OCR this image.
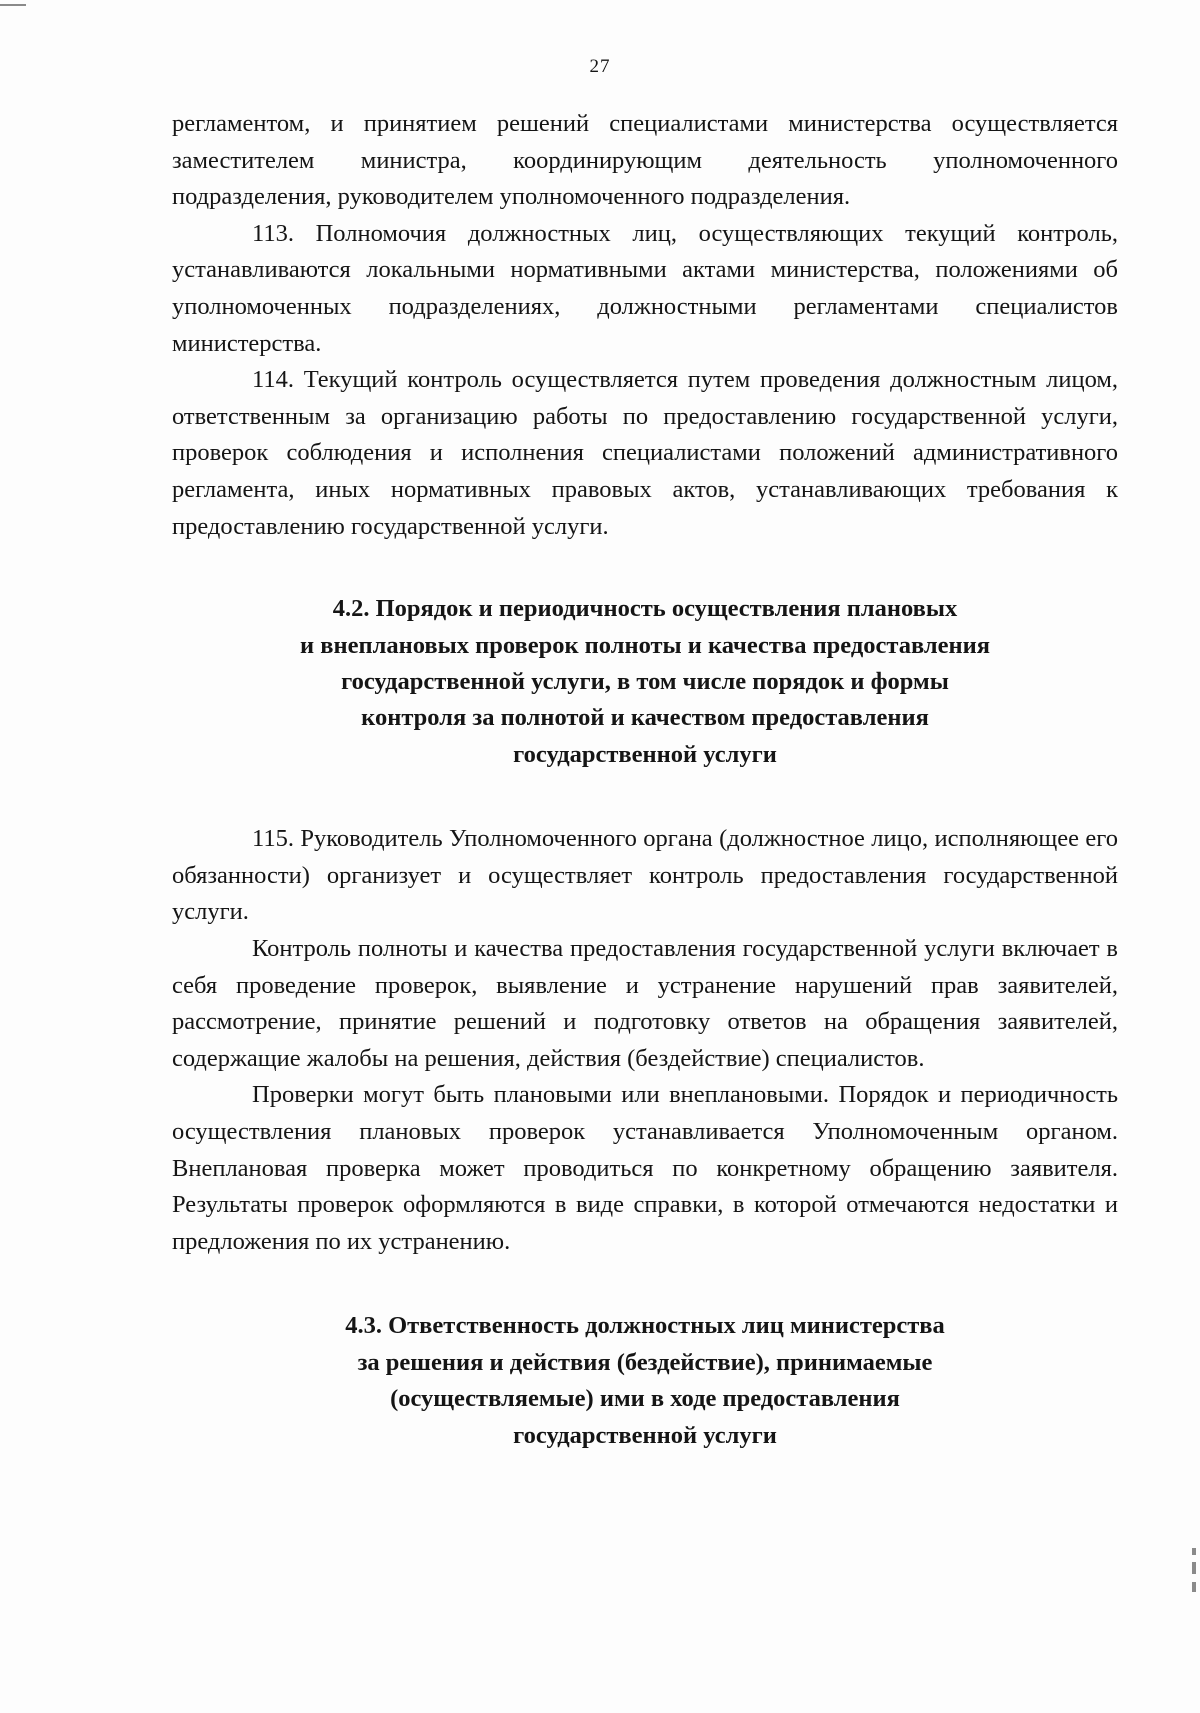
27

регламентом, и принятием решений специалистами министерства осуществляется заместителем министра, координирующим деятельность уполномоченного подразделения, руководителем уполномоченного подразделения.

113. Полномочия должностных лиц, осуществляющих текущий контроль, устанавливаются локальными нормативными актами министерства, положениями об уполномоченных подразделениях, должностными регламентами специалистов министерства.

114. Текущий контроль осуществляется путем проведения должностным лицом, ответственным за организацию работы по предоставлению государственной услуги, проверок соблюдения и исполнения специалистами положений административного регламента, иных нормативных правовых актов, устанавливающих требования к предоставлению государственной услуги.

4.2. Порядок и периодичность осуществления плановых
и внеплановых проверок полноты и качества предоставления
государственной услуги, в том числе порядок и формы
контроля за полнотой и качеством предоставления
государственной услуги

115. Руководитель Уполномоченного органа (должностное лицо, исполняющее его обязанности) организует и осуществляет контроль предоставления государственной услуги.

Контроль полноты и качества предоставления государственной услуги включает в себя проведение проверок, выявление и устранение нарушений прав заявителей, рассмотрение, принятие решений и подготовку ответов на обращения заявителей, содержащие жалобы на решения, действия (бездействие) специалистов.

Проверки могут быть плановыми или внеплановыми. Порядок и периодичность осуществления плановых проверок устанавливается Уполномоченным органом. Внеплановая проверка может проводиться по конкретному обращению заявителя. Результаты проверок оформляются в виде справки, в которой отмечаются недостатки и предложения по их устранению.

4.3. Ответственность должностных лиц министерства
за решения и действия (бездействие), принимаемые
(осуществляемые) ими в ходе предоставления
государственной услуги
